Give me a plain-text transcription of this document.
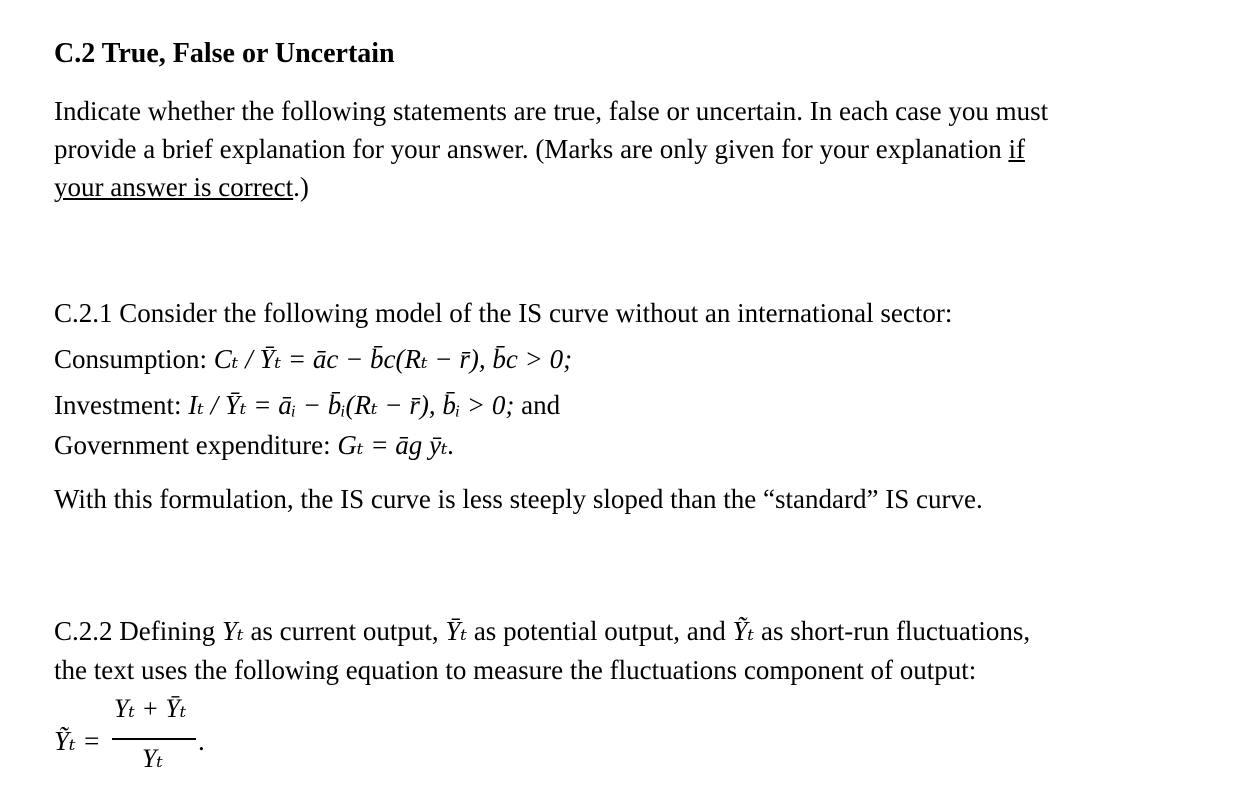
C.2 True, False or Uncertain
Indicate whether the following statements are true, false or uncertain. In each case you must
provide a brief explanation for your answer. (Marks are only given for your explanation if
your answer is correct.)
C.2.1 Consider the following model of the IS curve without an international sector:
Consumption: Cₜ / Ȳₜ = āc − b̄c(Rₜ − r̄), b̄c > 0;
Investment: Iₜ / Ȳₜ = āᵢ − b̄ᵢ(Rₜ − r̄), b̄ᵢ > 0; and
Government expenditure: Gₜ = āg ȳₜ.
With this formulation, the IS curve is less steeply sloped than the “standard” IS curve.
C.2.2 Defining Yₜ as current output, Ȳₜ as potential output, and Ỹₜ as short-run fluctuations,
the text uses the following equation to measure the fluctuations component of output:
Ỹₜ =
Yₜ + Ȳₜ
Yₜ
.
